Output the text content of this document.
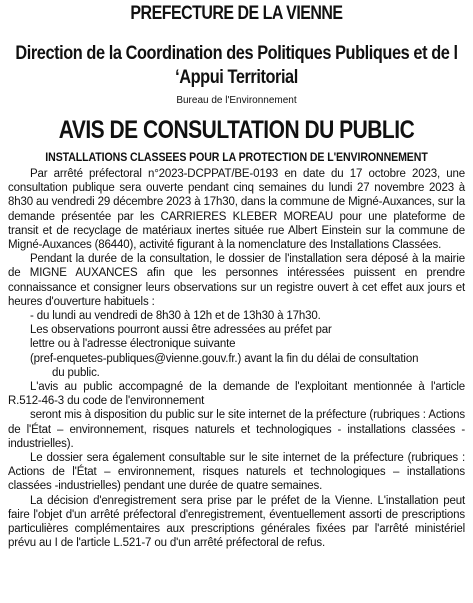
PREFECTURE DE LA VIENNE
Direction de la Coordination des Politiques Publiques et de l ‘Appui Territorial
Bureau de l'Environnement
AVIS DE CONSULTATION DU PUBLIC
INSTALLATIONS CLASSEES POUR LA PROTECTION DE L'ENVIRONNEMENT

Par arrêté préfectoral n°2023-DCPPAT/BE-0193 en date du 17 octobre 2023, une consultation publique sera ouverte pendant cinq semaines du lundi 27 novembre 2023 à 8h30 au vendredi 29 décembre 2023 à 17h30, dans la commune de Migné-Auxances, sur la demande présentée par les CARRIERES KLEBER MOREAU pour une plateforme de transit et de recyclage de matériaux inertes située rue Albert Einstein sur la commune de Migné-Auxances (86440), activité figurant à la nomenclature des Installations Classées.

Pendant la durée de la consultation, le dossier de l'installation sera déposé à la mairie de MIGNE AUXANCES afin que les personnes intéressées puissent en prendre connaissance et consigner leurs observations sur un registre ouvert à cet effet aux jours et heures d'ouverture habituels :

- du lundi au vendredi de 8h30 à 12h et de 13h30 à 17h30.

Les observations pourront aussi être adressées au préfet par

lettre ou à l'adresse électronique suivante

(pref-enquetes-publiques@vienne.gouv.fr.) avant la fin du délai de consultation

du public.

L'avis au public accompagné de la demande de l'exploitant mentionnée à l'article R.512-46-3 du code de l'environnement

seront mis à disposition du public sur le site internet de la préfecture (rubriques : Actions de l'État – environnement, risques naturels et technologiques - installations classées -industrielles).

Le dossier sera également consultable sur le site internet de la préfecture (rubriques : Actions de l'État – environnement, risques naturels et technologiques – installations classées -industrielles) pendant une durée de quatre semaines.

La décision d'enregistrement sera prise par le préfet de la Vienne. L'installation peut faire l'objet d'un arrêté préfectoral d'enregistrement, éventuellement assorti de prescriptions particulières complémentaires aux prescriptions générales fixées par l'arrêté ministériel prévu au I de l'article L.521-7 ou d'un arrêté préfectoral de refus.
